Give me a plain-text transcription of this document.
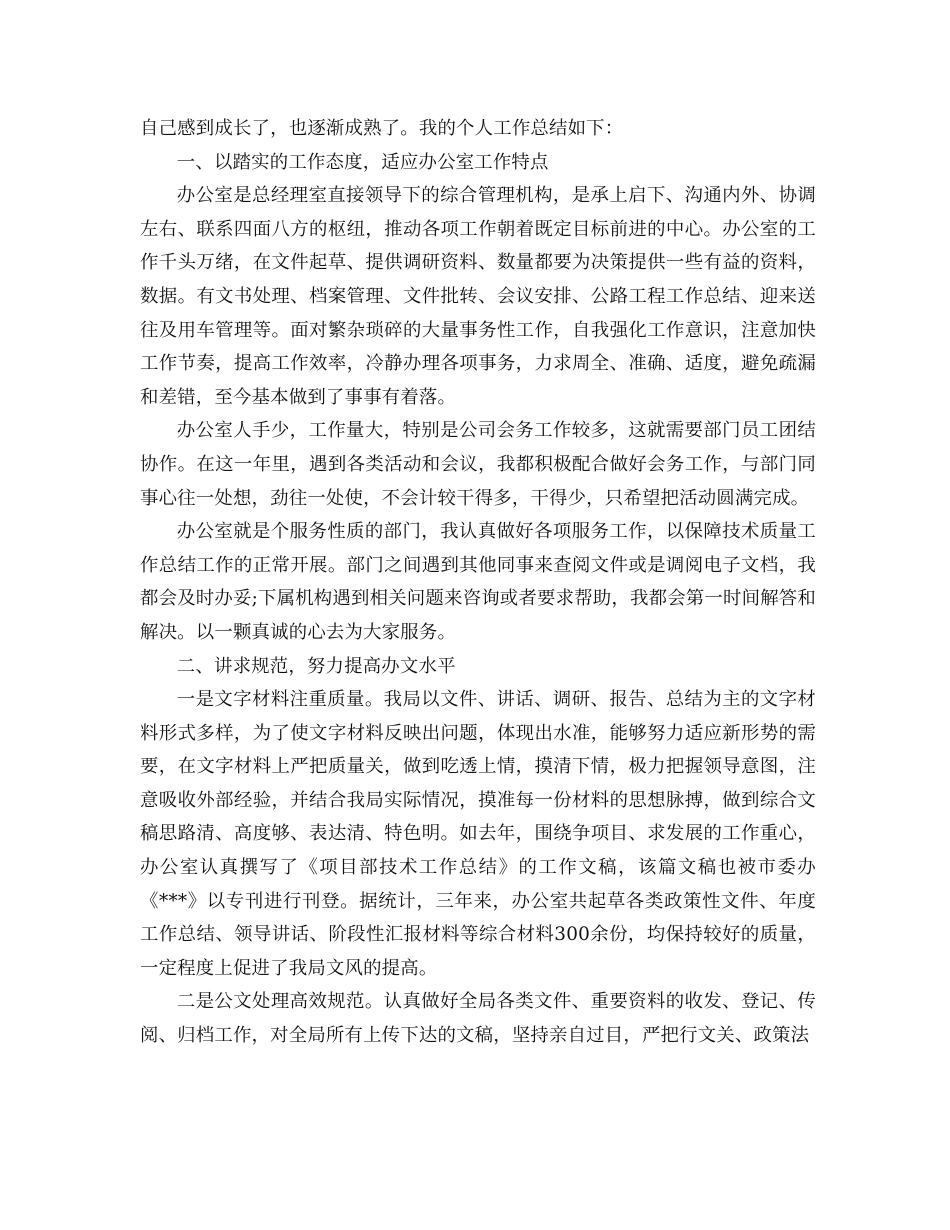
自己感到成长了，也逐渐成熟了。我的个人工作总结如下：

一、以踏实的工作态度，适应办公室工作特点

办公室是总经理室直接领导下的综合管理机构，是承上启下、沟通内外、协调左右、联系四面八方的枢纽，推动各项工作朝着既定目标前进的中心。办公室的工作千头万绪，在文件起草、提供调研资料、数量都要为决策提供一些有益的资料，数据。有文书处理、档案管理、文件批转、会议安排、公路工程工作总结、迎来送往及用车管理等。面对繁杂琐碎的大量事务性工作，自我强化工作意识，注意加快工作节奏，提高工作效率，冷静办理各项事务，力求周全、准确、适度，避免疏漏和差错，至今基本做到了事事有着落。

办公室人手少，工作量大，特别是公司会务工作较多，这就需要部门员工团结协作。在这一年里，遇到各类活动和会议，我都积极配合做好会务工作，与部门同事心往一处想，劲往一处使，不会计较干得多，干得少，只希望把活动圆满完成。

办公室就是个服务性质的部门，我认真做好各项服务工作，以保障技术质量工作总结工作的正常开展。部门之间遇到其他同事来查阅文件或是调阅电子文档，我都会及时办妥;下属机构遇到相关问题来咨询或者要求帮助，我都会第一时间解答和解决。以一颗真诚的心去为大家服务。

二、讲求规范，努力提高办文水平

一是文字材料注重质量。我局以文件、讲话、调研、报告、总结为主的文字材料形式多样，为了使文字材料反映出问题，体现出水准，能够努力适应新形势的需要，在文字材料上严把质量关，做到吃透上情，摸清下情，极力把握领导意图，注意吸收外部经验，并结合我局实际情况，摸准每一份材料的思想脉搏，做到综合文稿思路清、高度够、表达清、特色明。如去年，围绕争项目、求发展的工作重心，办公室认真撰写了《项目部技术工作总结》的工作文稿，该篇文稿也被市委办《***》以专刊进行刊登。据统计，三年来，办公室共起草各类政策性文件、年度工作总结、领导讲话、阶段性汇报材料等综合材料300余份，均保持较好的质量，一定程度上促进了我局文风的提高。

二是公文处理高效规范。认真做好全局各类文件、重要资料的收发、登记、传阅、归档工作，对全局所有上传下达的文稿，坚持亲自过目，严把行文关、政策法
